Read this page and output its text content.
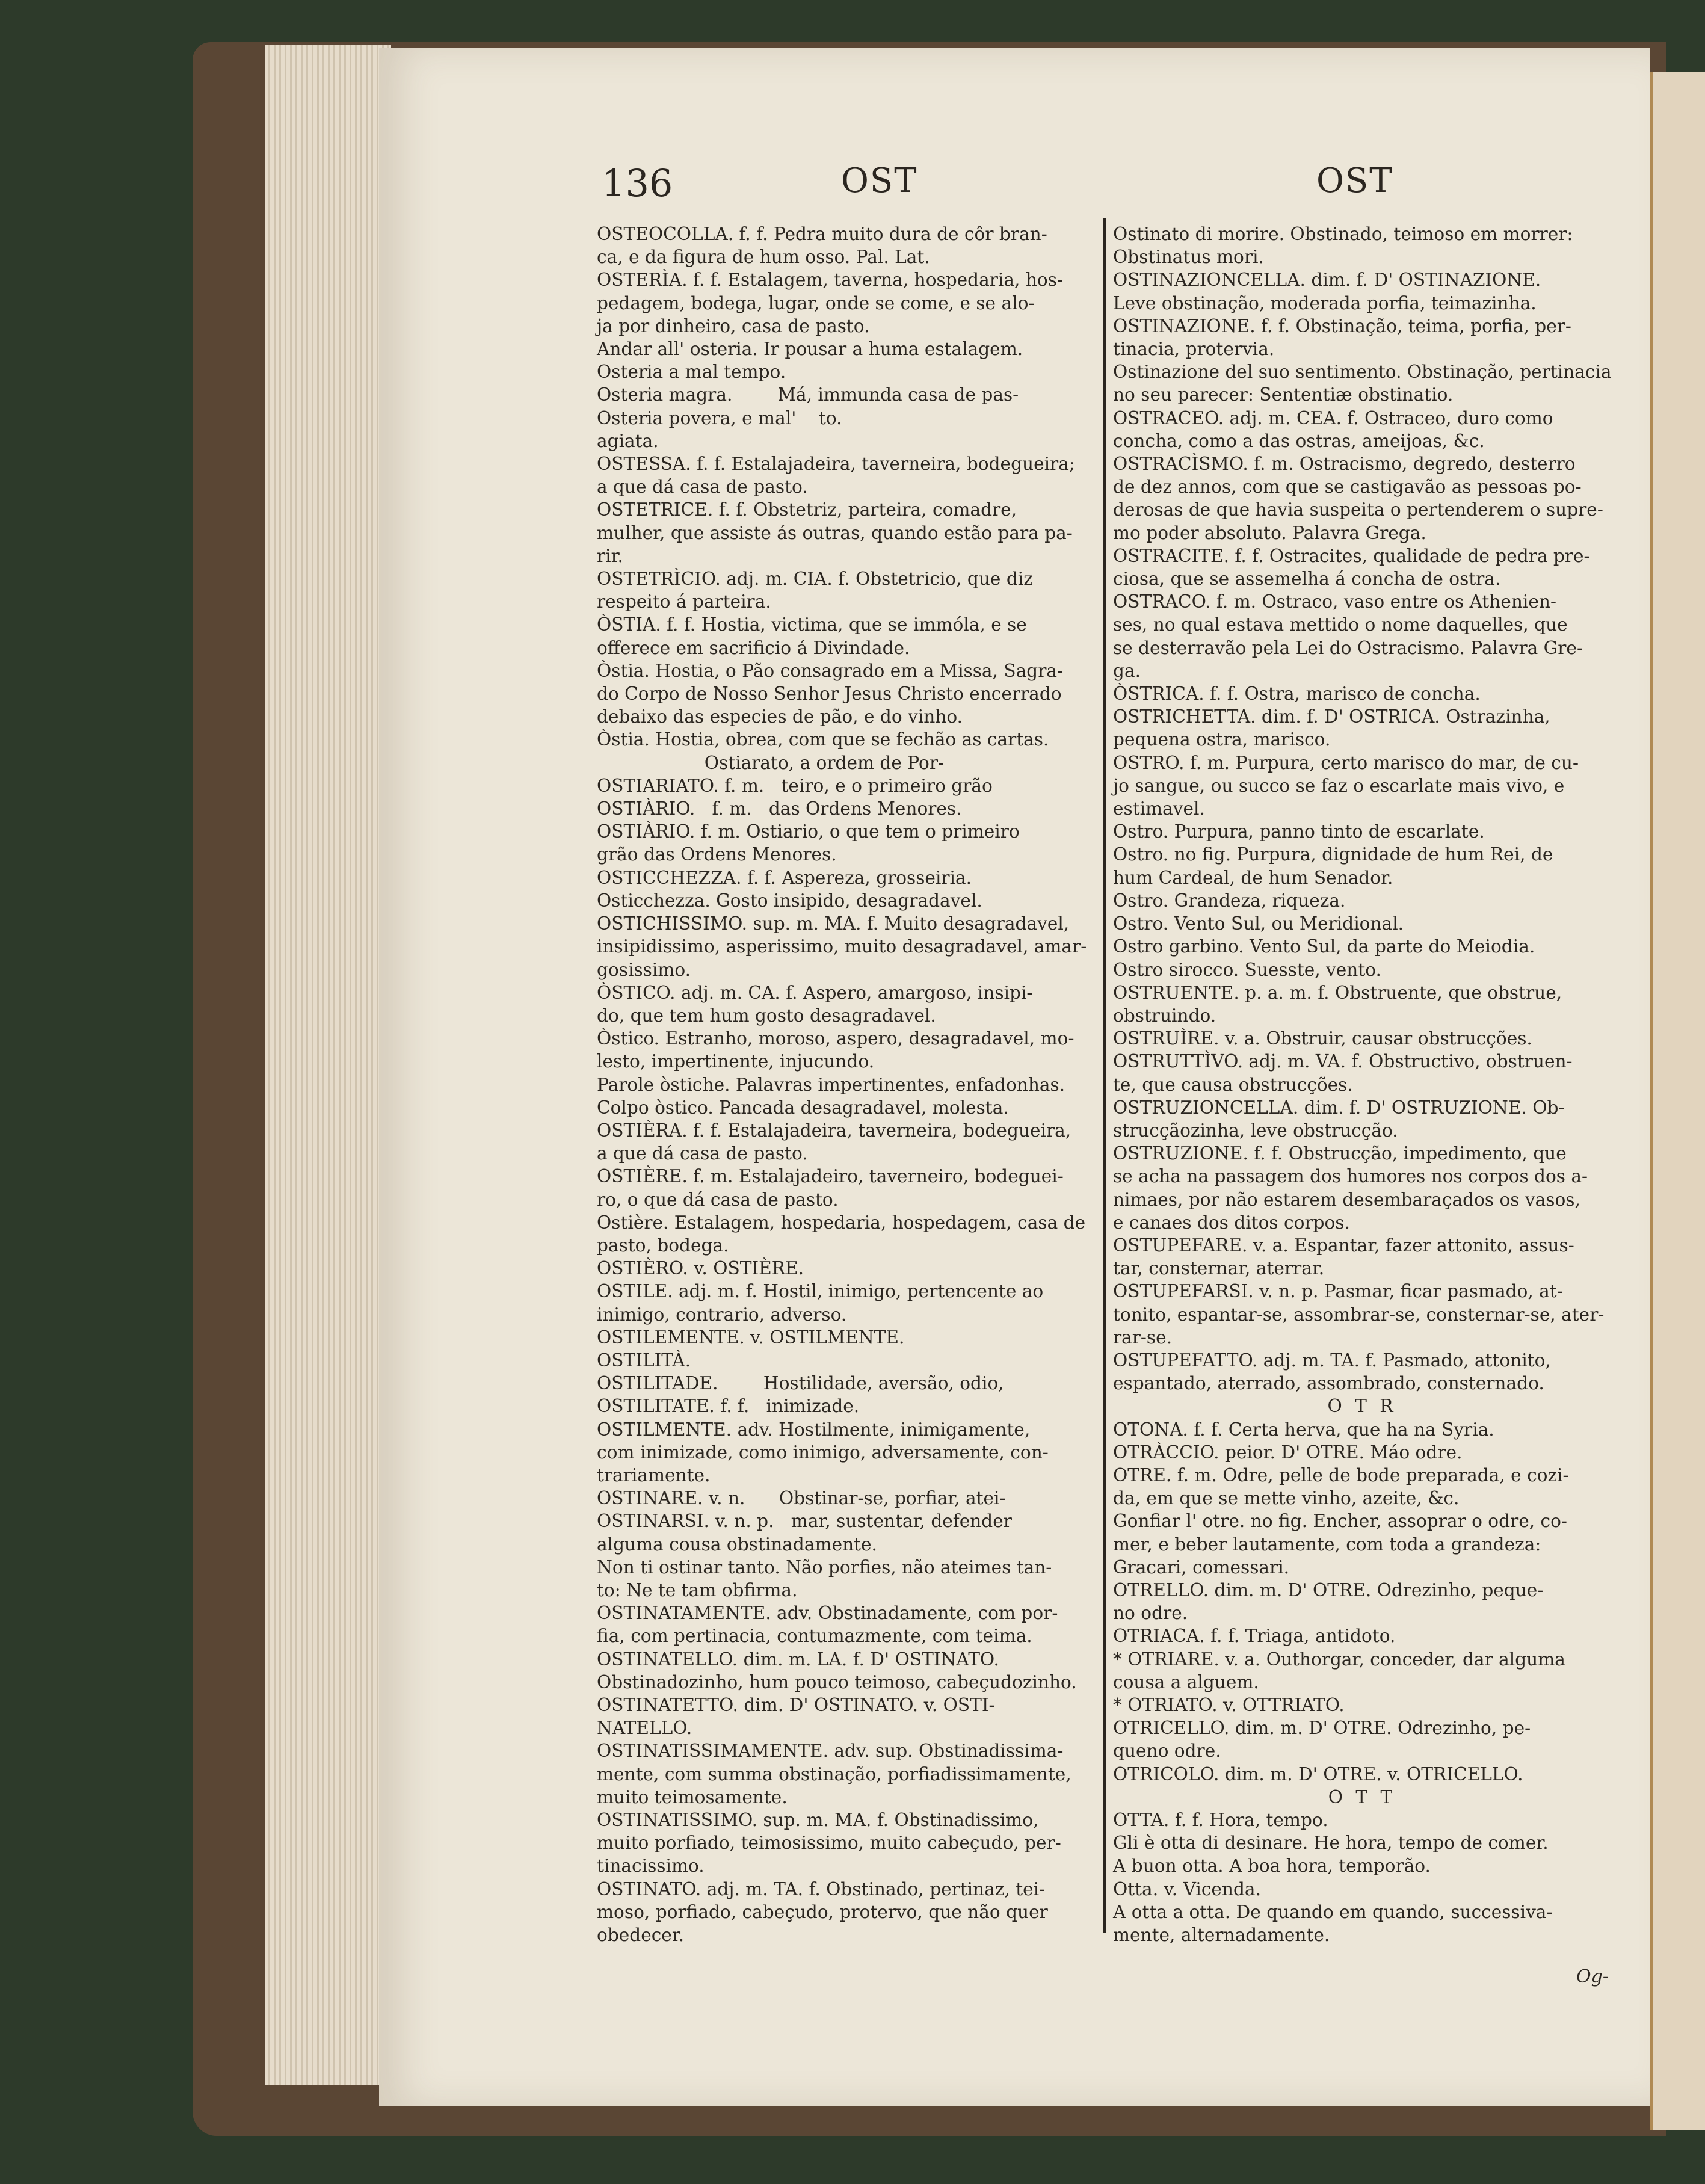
136	OST	OST
OSTEOCOLLA. f. f. Pedra muito dura de côr bran-
ca, e da figura de hum osso. Pal. Lat.
OSTERÌA. f. f. Estalagem, taverna, hospedaria, hos-
pedagem, bodega, lugar, onde se come, e se alo-
ja por dinheiro, casa de pasto.
Andar all' osteria. Ir pousar a huma estalagem.
Osteria a mal tempo.
Osteria magra.        Má, immunda casa de pas-
Osteria povera, e mal'    to.
agiata.
OSTESSA. f. f. Estalajadeira, taverneira, bodegueira;
a que dá casa de pasto.
OSTETRICE. f. f. Obstetriz, parteira, comadre,
mulher, que assiste ás outras, quando estão para pa-
rir.
OSTETRÌCIO. adj. m. CIA. f. Obstetricio, que diz
respeito á parteira.
ÒSTIA. f. f. Hostia, victima, que se immóla, e se
offerece em sacrificio á Divindade.
Òstia. Hostia, o Pão consagrado em a Missa, Sagra-
do Corpo de Nosso Senhor Jesus Christo encerrado
debaixo das especies de pão, e do vinho.
Òstia. Hostia, obrea, com que se fechão as cartas.
Ostiarato, a ordem de Por-
OSTIARIATO. f. m.   teiro, e o primeiro grão
OSTIÀRIO.   f. m.   das Ordens Menores.
OSTIÀRIO. f. m. Ostiario, o que tem o primeiro
grão das Ordens Menores.
OSTICCHEZZA. f. f. Aspereza, grosseiria.
Osticchezza. Gosto insipido, desagradavel.
OSTICHISSIMO. sup. m. MA. f. Muito desagradavel,
insipidissimo, asperissimo, muito desagradavel, amar-
gosissimo.
ÒSTICO. adj. m. CA. f. Aspero, amargoso, insipi-
do, que tem hum gosto desagradavel.
Òstico. Estranho, moroso, aspero, desagradavel, mo-
lesto, impertinente, injucundo.
Parole òstiche. Palavras impertinentes, enfadonhas.
Colpo òstico. Pancada desagradavel, molesta.
OSTIÈRA. f. f. Estalajadeira, taverneira, bodegueira,
a que dá casa de pasto.
OSTIÈRE. f. m. Estalajadeiro, taverneiro, bodeguei-
ro, o que dá casa de pasto.
Ostière. Estalagem, hospedaria, hospedagem, casa de
pasto, bodega.
OSTIÈRO. v. OSTIÈRE.
OSTILE. adj. m. f. Hostil, inimigo, pertencente ao
inimigo, contrario, adverso.
OSTILEMENTE. v. OSTILMENTE.
OSTILITÀ.
OSTILITADE.        Hostilidade, aversão, odio,
OSTILITATE. f. f.   inimizade.
OSTILMENTE. adv. Hostilmente, inimigamente,
com inimizade, como inimigo, adversamente, con-
trariamente.
OSTINARE. v. n.      Obstinar-se, porfiar, atei-
OSTINARSI. v. n. p.   mar, sustentar, defender
alguma cousa obstinadamente.
Non ti ostinar tanto. Não porfies, não ateimes tan-
to: Ne te tam obfirma.
OSTINATAMENTE. adv. Obstinadamente, com por-
fia, com pertinacia, contumazmente, com teima.
OSTINATELLO. dim. m. LA. f. D' OSTINATO.
Obstinadozinho, hum pouco teimoso, cabeçudozinho.
OSTINATETTO. dim. D' OSTINATO. v. OSTI-
NATELLO.
OSTINATISSIMAMENTE. adv. sup. Obstinadissima-
mente, com summa obstinação, porfiadissimamente,
muito teimosamente.
OSTINATISSIMO. sup. m. MA. f. Obstinadissimo,
muito porfiado, teimosissimo, muito cabeçudo, per-
tinacissimo.
OSTINATO. adj. m. TA. f. Obstinado, pertinaz, tei-
moso, porfiado, cabeçudo, protervo, que não quer
obedecer.
Ostinato di morire. Obstinado, teimoso em morrer:
Obstinatus mori.
OSTINAZIONCELLA. dim. f. D' OSTINAZIONE.
Leve obstinação, moderada porfia, teimazinha.
OSTINAZIONE. f. f. Obstinação, teima, porfia, per-
tinacia, protervia.
Ostinazione del suo sentimento. Obstinação, pertinacia
no seu parecer: Sententiæ obstinatio.
OSTRACEO. adj. m. CEA. f. Ostraceo, duro como
concha, como a das ostras, ameijoas, &c.
OSTRACÌSMO. f. m. Ostracismo, degredo, desterro
de dez annos, com que se castigavão as pessoas po-
derosas de que havia suspeita o pertenderem o supre-
mo poder absoluto. Palavra Grega.
OSTRACITE. f. f. Ostracites, qualidade de pedra pre-
ciosa, que se assemelha á concha de ostra.
OSTRACO. f. m. Ostraco, vaso entre os Athenien-
ses, no qual estava mettido o nome daquelles, que
se desterravão pela Lei do Ostracismo. Palavra Gre-
ga.
ÒSTRICA. f. f. Ostra, marisco de concha.
OSTRICHETTA. dim. f. D' OSTRICA. Ostrazinha,
pequena ostra, marisco.
OSTRO. f. m. Purpura, certo marisco do mar, de cu-
jo sangue, ou succo se faz o escarlate mais vivo, e
estimavel.
Ostro. Purpura, panno tinto de escarlate.
Ostro. no fig. Purpura, dignidade de hum Rei, de
hum Cardeal, de hum Senador.
Ostro. Grandeza, riqueza.
Ostro. Vento Sul, ou Meridional.
Ostro garbino. Vento Sul, da parte do Meiodia.
Ostro sirocco. Suesste, vento.
OSTRUENTE. p. a. m. f. Obstruente, que obstrue,
obstruindo.
OSTRUÌRE. v. a. Obstruir, causar obstrucções.
OSTRUTTÌVO. adj. m. VA. f. Obstructivo, obstruen-
te, que causa obstrucções.
OSTRUZIONCELLA. dim. f. D' OSTRUZIONE. Ob-
strucçãozinha, leve obstrucção.
OSTRUZIONE. f. f. Obstrucção, impedimento, que
se acha na passagem dos humores nos corpos dos a-
nimaes, por não estarem desembaraçados os vasos,
e canaes dos ditos corpos.
OSTUPEFARE. v. a. Espantar, fazer attonito, assus-
tar, consternar, aterrar.
OSTUPEFARSI. v. n. p. Pasmar, ficar pasmado, at-
tonito, espantar-se, assombrar-se, consternar-se, ater-
rar-se.
OSTUPEFATTO. adj. m. TA. f. Pasmado, attonito,
espantado, aterrado, assombrado, consternado.
O T R
OTONA. f. f. Certa herva, que ha na Syria.
OTRÀCCIO. peior. D' OTRE. Máo odre.
OTRE. f. m. Odre, pelle de bode preparada, e cozi-
da, em que se mette vinho, azeite, &c.
Gonfiar l' otre. no fig. Encher, assoprar o odre, co-
mer, e beber lautamente, com toda a grandeza:
Gracari, comessari.
OTRELLO. dim. m. D' OTRE. Odrezinho, peque-
no odre.
OTRIACA. f. f. Triaga, antidoto.
* OTRIARE. v. a. Outhorgar, conceder, dar alguma
cousa a alguem.
* OTRIATO. v. OTTRIATO.
OTRICELLO. dim. m. D' OTRE. Odrezinho, pe-
queno odre.
OTRICOLO. dim. m. D' OTRE. v. OTRICELLO.
O T T
OTTA. f. f. Hora, tempo.
Gli è otta di desinare. He hora, tempo de comer.
A buon otta. A boa hora, temporão.
Otta. v. Vicenda.
A otta a otta. De quando em quando, successiva-
mente, alternadamente.
Og-
